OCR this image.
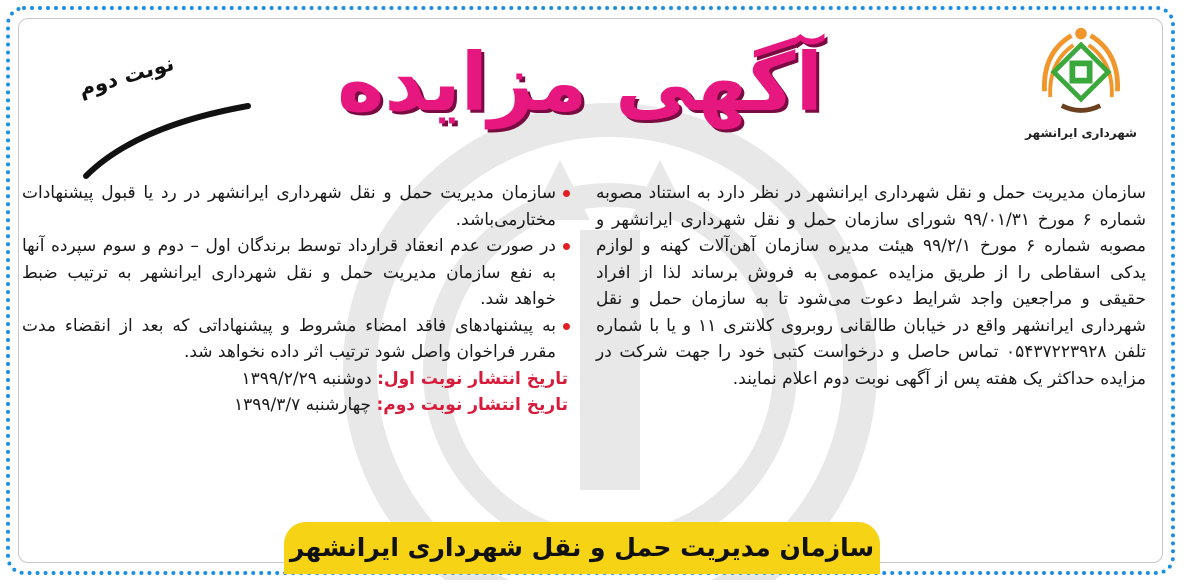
شهرداری ایرانشهر
آگهی مزایده
نوبت دوم

سازمان مدیریت حمل و نقل شهرداری ایرانشهر در نظر دارد به استناد مصوبه شماره ۶ مورخ ۹۹/۰۱/۳۱ شورای سازمان حمل و نقل شهرداری ایرانشهر و مصوبه شماره ۶ مورخ ۹۹/۲/۱ هیئت مدیره سازمان آهن‌آلات کهنه و لوازم یدکی اسقاطی را از طریق مزایده عمومی به فروش برساند لذا از افراد حقیقی و مراجعین واجد شرایط دعوت می‌شود تا به سازمان حمل و نقل شهرداری ایرانشهر واقع در خیابان طالقانی روبروی کلانتری ۱۱ و یا با شماره تلفن ۰۵۴۳۷۲۲۳۹۲۸ تماس حاصل و درخواست کتبی خود را جهت شرکت در مزایده حداکثر یک هفته پس از آگهی نوبت دوم اعلام نمایند.

سازمان مدیریت حمل و نقل شهرداری ایرانشهر در رد یا قبول پیشنهادات مختارمی‌باشد.

در صورت عدم انعقاد قرارداد توسط برندگان اول – دوم و سوم سپرده آنها به نفع سازمان مدیریت حمل و نقل شهرداری ایرانشهر به ترتیب ضبط خواهد شد.

به پیشنهادهای فاقد امضاء مشروط و پیشنهاداتی که بعد از انقضاء مدت مقرر فراخوان واصل شود ترتیب اثر داده نخواهد شد.

تاریخ انتشار نوبت اول: دوشنبه ۱۳۹۹/۲/۲۹

تاریخ انتشار نوبت دوم: چهارشنبه ۱۳۹۹/۳/۷

سازمان مدیریت حمل و نقل شهرداری ایرانشهر
